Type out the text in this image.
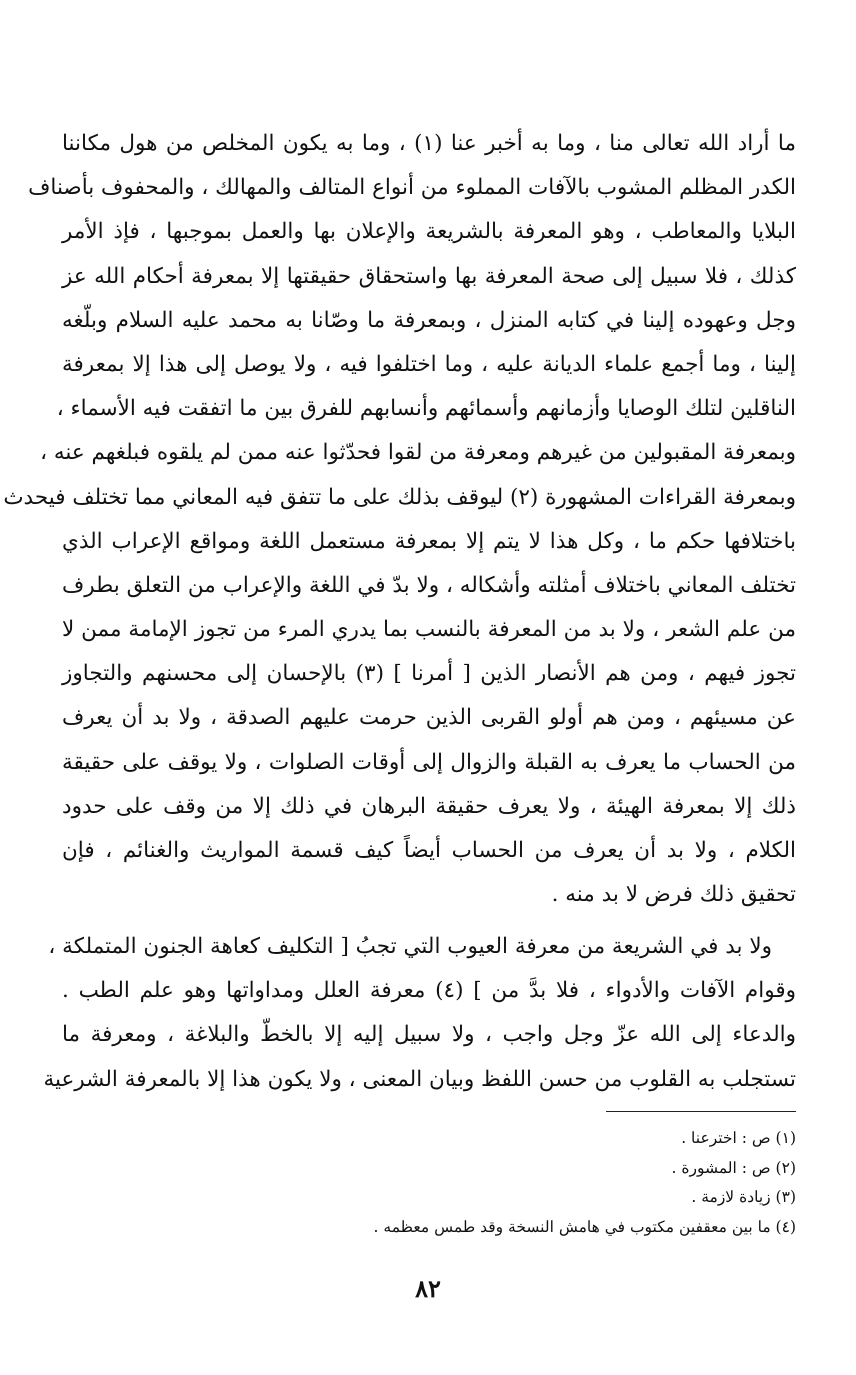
ما أراد الله تعالى منا ، وما به أخبر عنا (١) ، وما به يكون المخلص من هول مكاننا
الكدر المظلم المشوب بالآفات المملوء من أنواع المتالف والمهالك ، والمحفوف بأصناف
البلايا والمعاطب ، وهو المعرفة بالشريعة والإعلان بها والعمل بموجبها ، فإذ الأمر
كذلك ، فلا سبيل إلى صحة المعرفة بها واستحقاق حقيقتها إلا بمعرفة أحكام الله عز
وجل وعهوده إلينا في كتابه المنزل ، وبمعرفة ما وصّانا به محمد عليه السلام وبلّغه
إلينا ، وما أجمع علماء الديانة عليه ، وما اختلفوا فيه ، ولا يوصل إلى هذا إلا بمعرفة
الناقلين لتلك الوصايا وأزمانهم وأسمائهم وأنسابهم للفرق بين ما اتفقت فيه الأسماء ،
وبمعرفة المقبولين من غيرهم ومعرفة من لقوا فحدّثوا عنه ممن لم يلقوه فبلغهم عنه ،
وبمعرفة القراءات المشهورة (٢) ليوقف بذلك على ما تتفق فيه المعاني مما تختلف فيحدث
باختلافها حكم ما ، وكل هذا لا يتم إلا بمعرفة مستعمل اللغة ومواقع الإعراب الذي
تختلف المعاني باختلاف أمثلته وأشكاله ، ولا بدّ في اللغة والإعراب من التعلق بطرف
من علم الشعر ، ولا بد من المعرفة بالنسب بما يدري المرء من تجوز الإمامة ممن لا
تجوز فيهم ، ومن هم الأنصار الذين [ أمرنا ] (٣) بالإحسان إلى محسنهم والتجاوز
عن مسيئهم ، ومن هم أولو القربى الذين حرمت عليهم الصدقة ، ولا بد أن يعرف
من الحساب ما يعرف به القبلة والزوال إلى أوقات الصلوات ، ولا يوقف على حقيقة
ذلك إلا بمعرفة الهيئة ، ولا يعرف حقيقة البرهان في ذلك إلا من وقف على حدود
الكلام ، ولا بد أن يعرف من الحساب أيضاً كيف قسمة المواريث والغنائم ، فإن
تحقيق ذلك فرض لا بد منه .
ولا بد في الشريعة من معرفة العيوب التي تجبُ [ التكليف كعاهة الجنون المتملكة ،
وقوام الآفات والأدواء ، فلا بدَّ من ] (٤) معرفة العلل ومداواتها وهو علم الطب .
والدعاء إلى الله عزّ وجل واجب ، ولا سبيل إليه إلا بالخطّ والبلاغة ، ومعرفة ما
تستجلب به القلوب من حسن اللفظ وبيان المعنى ، ولا يكون هذا إلا بالمعرفة الشرعية
(١) ص : اخترعنا .
(٢) ص : المشورة .
(٣) زيادة لازمة .
(٤) ما بين معقفين مكتوب في هامش النسخة وقد طمس معظمه .
٨٢
